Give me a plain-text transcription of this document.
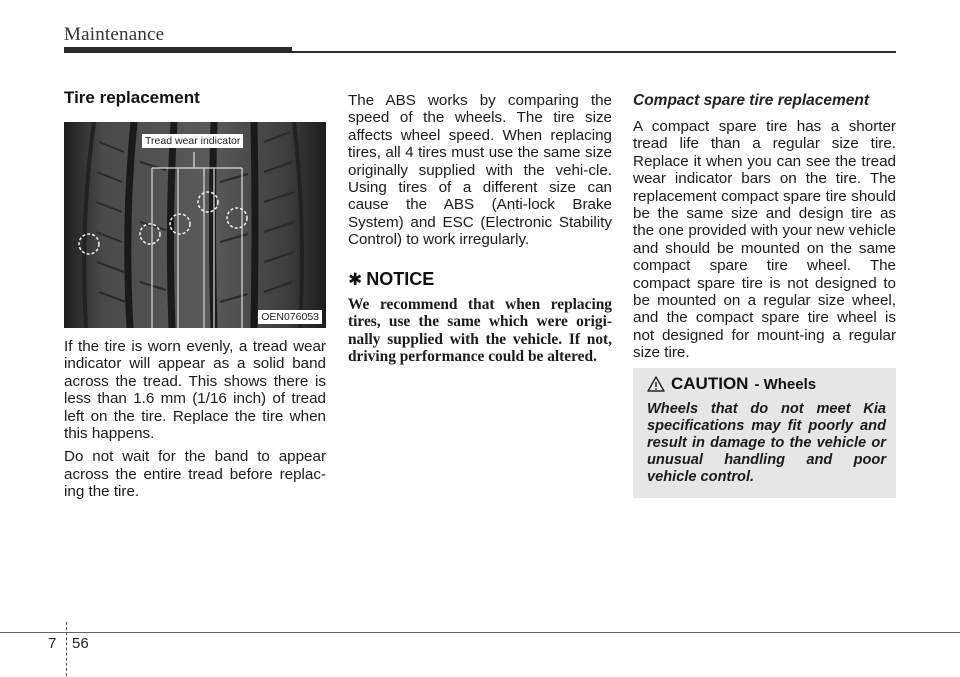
Maintenance
Tire replacement
Tread wear indicator
OEN076053

If the tire is worn evenly, a tread wear indicator will appear as a solid band across the tread. This shows there is less than 1.6 mm (1/16 inch) of tread left on the tire. Replace the tire when this happens.

Do not wait for the band to appear across the entire tread before replac-ing the tire.

The ABS works by comparing the speed of the wheels. The tire size affects wheel speed. When replacing tires, all 4 tires must use the same size originally supplied with the vehi-cle. Using tires of a different size can cause the ABS (Anti-lock Brake System) and ESC (Electronic Stability Control) to work irregularly.

✱ NOTICE

We recommend that when replacing tires, use the same which were origi-nally supplied with the vehicle. If not, driving performance could be altered.

Compact spare tire replacement

A compact spare tire has a shorter tread life than a regular size tire. Replace it when you can see the tread wear indicator bars on the tire. The replacement compact spare tire should be the same size and design tire as the one provided with your new vehicle and should be mounted on the same compact spare tire wheel. The compact spare tire is not designed to be mounted on a regular size wheel, and the compact spare tire wheel is not designed for mount-ing a regular size tire.

CAUTION - Wheels

Wheels that do not meet Kia specifications may fit poorly and result in damage to the vehicle or unusual handling and poor vehicle control.

7 56
